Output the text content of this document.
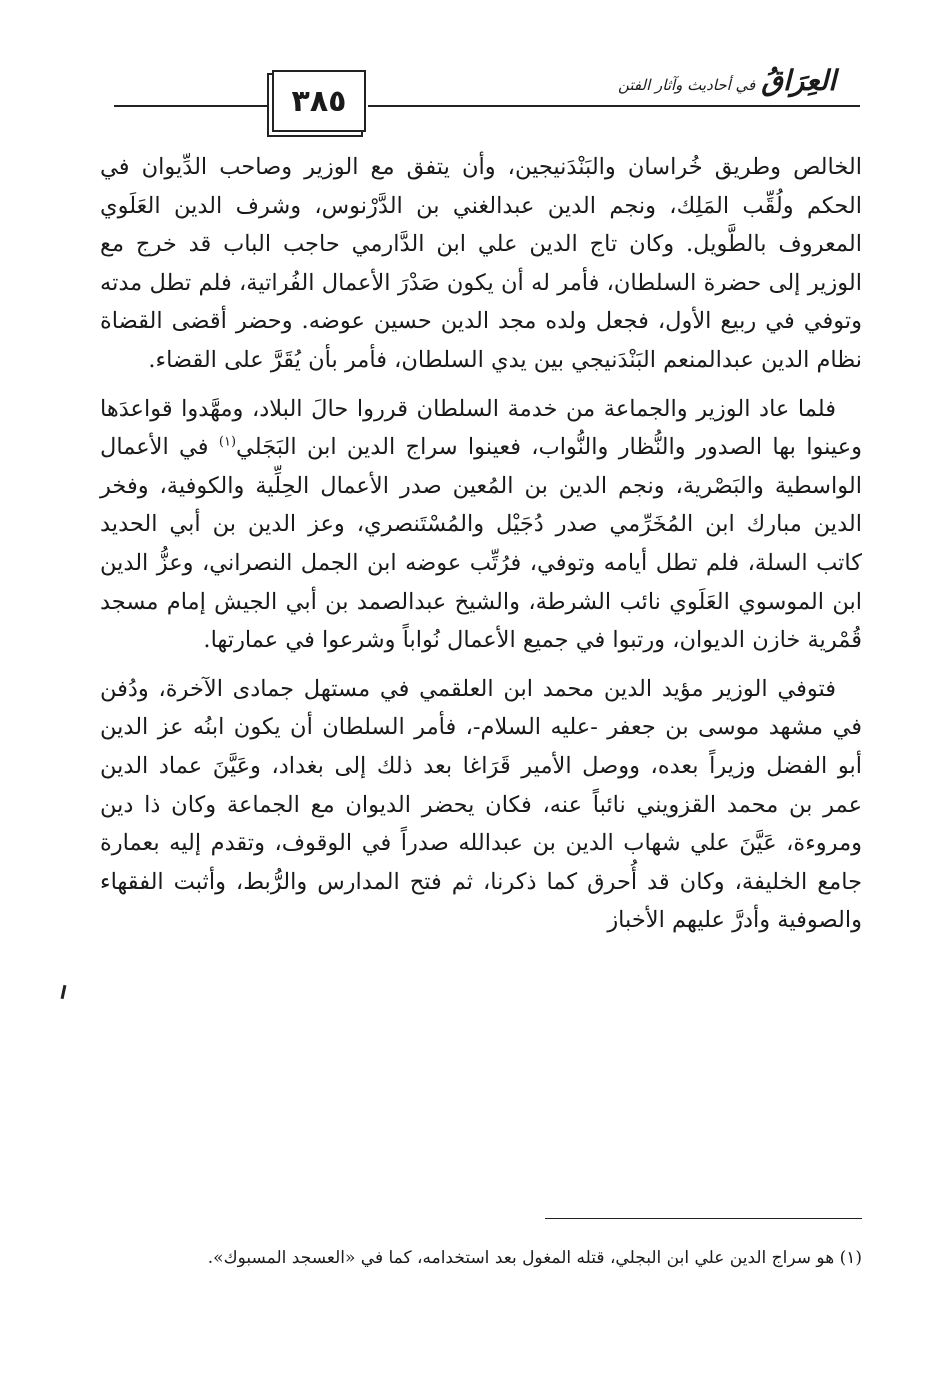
٣٨٥
العِرَاقُ
في أحاديث وآثار الفتن

الخالص وطريق خُراسان والبَنْدَنيجين، وأن يتفق مع الوزير وصاحب الدِّيوان في الحكم ولُقِّب المَلِك، ونجم الدين عبدالغني بن الدَّرْنوس، وشرف الدين العَلَوي المعروف بالطَّويل. وكان تاج الدين علي ابن الدَّارمي حاجب الباب قد خرج مع الوزير إلى حضرة السلطان، فأمر له أن يكون صَدْرَ الأعمال الفُراتية، فلم تطل مدته وتوفي في ربيع الأول، فجعل ولده مجد الدين حسين عوضه. وحضر أقضى القضاة نظام الدين عبدالمنعم البَنْدَنيجي بين يدي السلطان، فأمر بأن يُقَرَّ على القضاء.

فلما عاد الوزير والجماعة من خدمة السلطان قرروا حالَ البلاد، ومهَّدوا قواعدَها وعينوا بها الصدور والنُّظار والنُّواب، فعينوا سراج الدين ابن البَجَلي$^{(١)}$ في الأعمال الواسطية والبَصْرية، ونجم الدين بن المُعين صدر الأعمال الحِلِّية والكوفية، وفخر الدين مبارك ابن المُخَرِّمي صدر دُجَيْل والمُسْتَنصري، وعز الدين بن أبي الحديد كاتب السلة، فلم تطل أيامه وتوفي، فرُتِّب عوضه ابن الجمل النصراني، وعزُّ الدين ابن الموسوي العَلَوي نائب الشرطة، والشيخ عبدالصمد بن أبي الجيش إمام مسجد قُمْرية خازن الديوان، ورتبوا في جميع الأعمال نُواباً وشرعوا في عمارتها.

فتوفي الوزير مؤيد الدين محمد ابن العلقمي في مستهل جمادى الآخرة، ودُفن في مشهد موسى بن جعفر -عليه السلام-، فأمر السلطان أن يكون ابنُه عز الدين أبو الفضل وزيراً بعده، ووصل الأمير قَرَاغا بعد ذلك إلى بغداد، وعَيَّنَ عماد الدين عمر بن محمد القزويني نائباً عنه، فكان يحضر الديوان مع الجماعة وكان ذا دين ومروءة، عَيَّنَ علي شهاب الدين بن عبدالله صدراً في الوقوف، وتقدم إليه بعمارة جامع الخليفة، وكان قد أُحرق كما ذكرنا، ثم فتح المدارس والرُّبط، وأثبت الفقهاء والصوفية وأدرَّ عليهم الأخباز

(١) هو سراج الدين علي ابن البجلي، قتله المغول بعد استخدامه، كما في «العسجد المسبوك».
